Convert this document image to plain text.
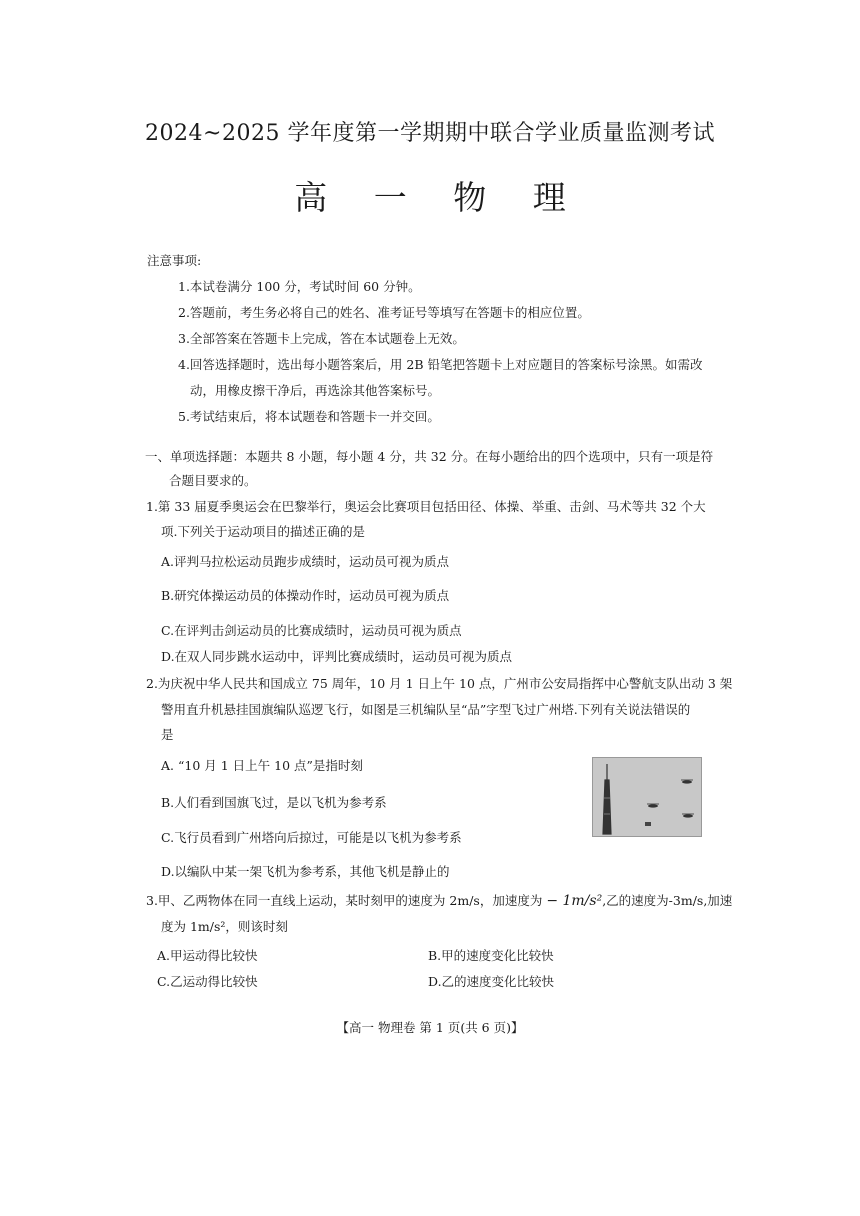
2024~2025 学年度第一学期期中联合学业质量监测考试
高 一 物 理
注意事项:
1.本试卷满分 100 分，考试时间 60 分钟。
2.答题前，考生务必将自己的姓名、准考证号等填写在答题卡的相应位置。
3.全部答案在答题卡上完成，答在本试题卷上无效。
4.回答选择题时，选出每小题答案后，用 2B 铅笔把答题卡上对应题目的答案标号涂黑。如需改
动，用橡皮擦干净后，再选涂其他答案标号。
5.考试结束后，将本试题卷和答题卡一并交回。
一、单项选择题：本题共 8 小题，每小题 4 分，共 32 分。在每小题给出的四个选项中，只有一项是符
合题目要求的。
1.第 33 届夏季奥运会在巴黎举行，奥运会比赛项目包括田径、体操、举重、击剑、马术等共 32 个大
项.下列关于运动项目的描述正确的是
A.评判马拉松运动员跑步成绩时，运动员可视为质点
B.研究体操运动员的体操动作时，运动员可视为质点
C.在评判击剑运动员的比赛成绩时，运动员可视为质点
D.在双人同步跳水运动中，评判比赛成绩时，运动员可视为质点
2.为庆祝中华人民共和国成立 75 周年，10 月 1 日上午 10 点，广州市公安局指挥中心警航支队出动 3 架
警用直升机悬挂国旗编队巡逻飞行，如图是三机编队呈“品”字型飞过广州塔.下列有关说法错误的
是
A. “10 月 1 日上午 10 点”是指时刻
B.人们看到国旗飞过，是以飞机为参考系
C.飞行员看到广州塔向后掠过，可能是以飞机为参考系
D.以编队中某一架飞机为参考系，其他飞机是静止的
3.甲、乙两物体在同一直线上运动，某时刻甲的速度为 2m/s，加速度为 − 1m/s²,乙的速度为-3m/s,加速
度为 1m/s²，则该时刻
A.甲运动得比较快	B.甲的速度变化比较快
C.乙运动得比较快	D.乙的速度变化比较快
【高一 物理卷 第 1 页(共 6 页)】
